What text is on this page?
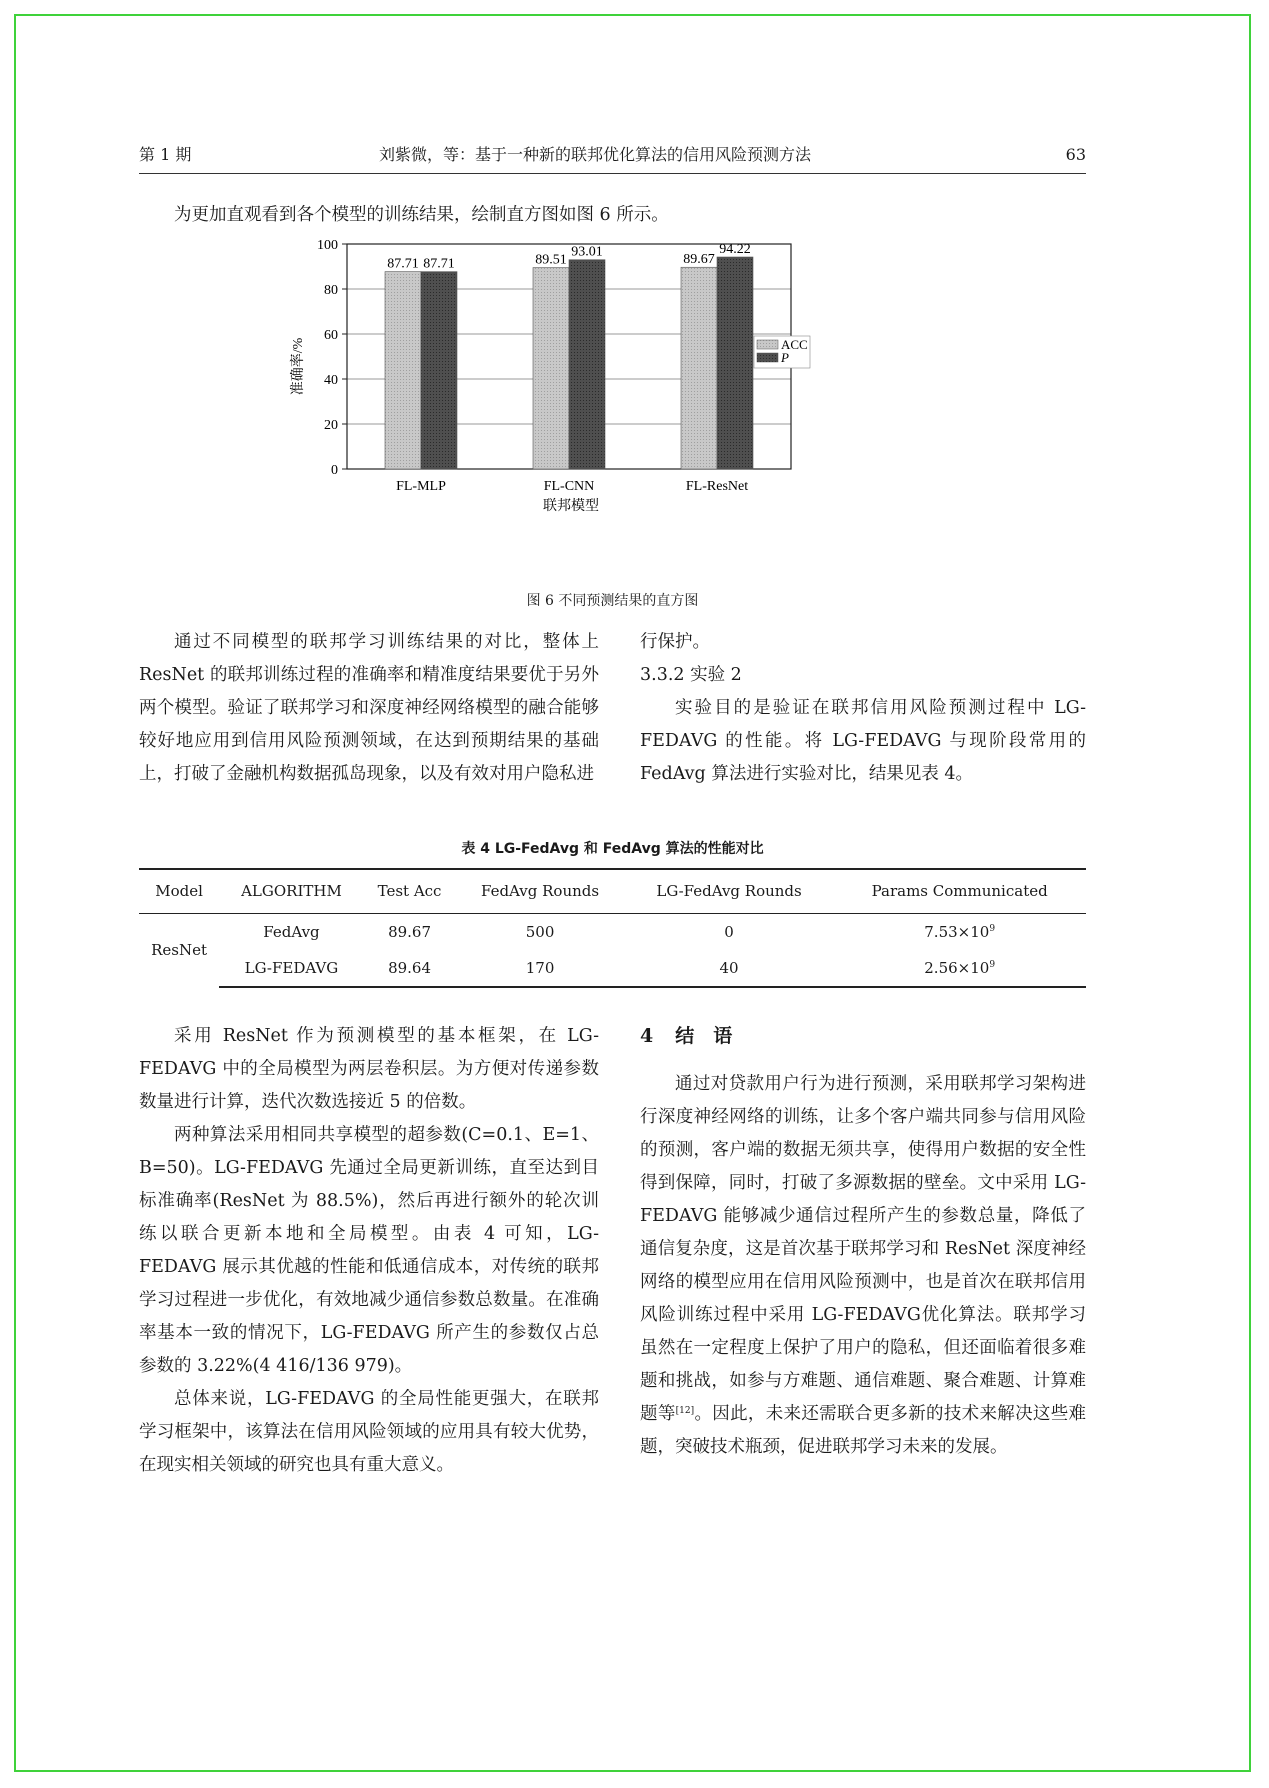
第 1 期	刘紫微，等：基于一种新的联邦优化算法的信用风险预测方法	63
为更加直观看到各个模型的训练结果，绘制直方图如图 6 所示。
0
20
40
60
80
100
87.71 87.71
FL-MLP
89.51
93.01
FL-CNN
89.67
94.22
FL-ResNet
联邦模型
准确率/%	ACC
P
图 6 不同预测结果的直方图

通过不同模型的联邦学习训练结果的对比，整体上 ResNet 的联邦训练过程的准确率和精准度结果要优于另外两个模型。验证了联邦学习和深度神经网络模型的融合能够较好地应用到信用风险预测领域，在达到预期结果的基础上，打破了金融机构数据孤岛现象，以及有效对用户隐私进

行保护。

3.3.2 实验 2

实验目的是验证在联邦信用风险预测过程中 LG-FEDAVG 的性能。将 LG-FEDAVG 与现阶段常用的 FedAvg 算法进行实验对比，结果见表 4。

表 4 LG-FedAvg 和 FedAvg 算法的性能对比
Model	ALGORITHM	Test Acc	FedAvg Rounds	LG-FedAvg Rounds	Params Communicated
ResNet	FedAvg	89.67	500	0	$7.53\times 10^9$
	LG-FEDAVG	89.64	170	40	$2.56\times 10^9$

采用 ResNet 作为预测模型的基本框架，在 LG-FEDAVG 中的全局模型为两层卷积层。为方便对传递参数数量进行计算，迭代次数选接近 5 的倍数。

两种算法采用相同共享模型的超参数(C=0.1、E=1、B=50)。LG-FEDAVG 先通过全局更新训练，直至达到目标准确率(ResNet 为 88.5%)，然后再进行额外的轮次训练以联合更新本地和全局模型。由表 4 可知，LG-FEDAVG 展示其优越的性能和低通信成本，对传统的联邦学习过程进一步优化，有效地减少通信参数总数量。在准确率基本一致的情况下，LG-FEDAVG 所产生的参数仅占总参数的 3.22%(4 416/136 979)。

总体来说，LG-FEDAVG 的全局性能更强大，在联邦学习框架中，该算法在信用风险领域的应用具有较大优势，在现实相关领域的研究也具有重大意义。

4 结　语

通过对贷款用户行为进行预测，采用联邦学习架构进行深度神经网络的训练，让多个客户端共同参与信用风险的预测，客户端的数据无须共享，使得用户数据的安全性得到保障，同时，打破了多源数据的壁垒。文中采用 LG-FEDAVG 能够减少通信过程所产生的参数总量，降低了通信复杂度，这是首次基于联邦学习和 ResNet 深度神经网络的模型应用在信用风险预测中，也是首次在联邦信用风险训练过程中采用 LG-FEDAVG优化算法。联邦学习虽然在一定程度上保护了用户的隐私，但还面临着很多难题和挑战，如参与方难题、通信难题、聚合难题、计算难题等[12]。因此，未来还需联合更多新的技术来解决这些难题，突破技术瓶颈，促进联邦学习未来的发展。
